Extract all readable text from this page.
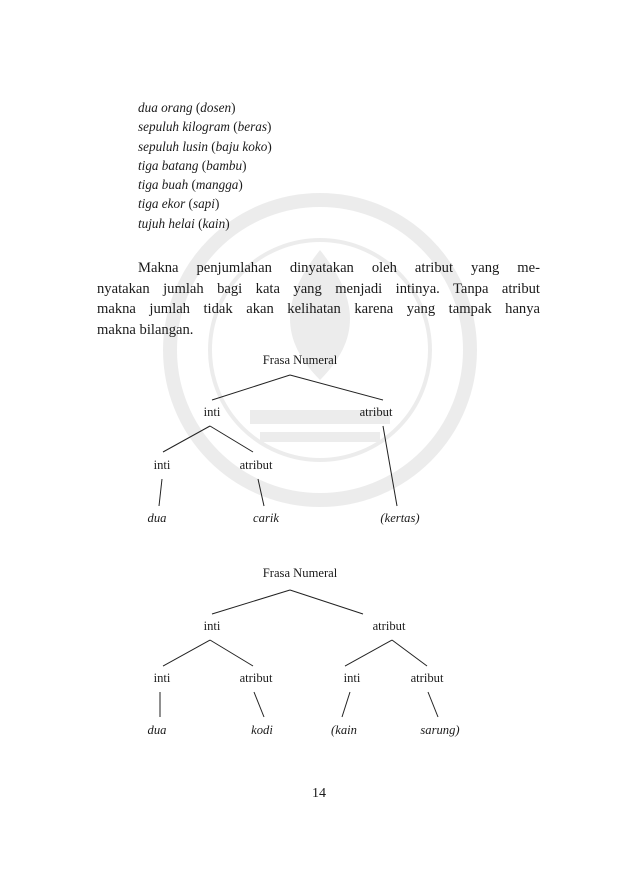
dua orang (dosen)
sepuluh kilogram (beras)
sepuluh lusin (baju koko)
tiga batang (bambu)
tiga buah (mangga)
tiga ekor (sapi)
tujuh helai (kain)
Makna penjumlahan dinyatakan oleh atribut yang me-
nyatakan jumlah bagi kata yang menjadi intinya. Tanpa atribut
makna jumlah tidak akan kelihatan karena yang tampak hanya
makna bilangan.
Frasa Numeral
inti	atribut
inti	atribut
dua	carik	(kertas)
Frasa Numeral
inti	atribut
inti	atribut	inti	atribut
dua	kodi	(kain	sarung)
14
